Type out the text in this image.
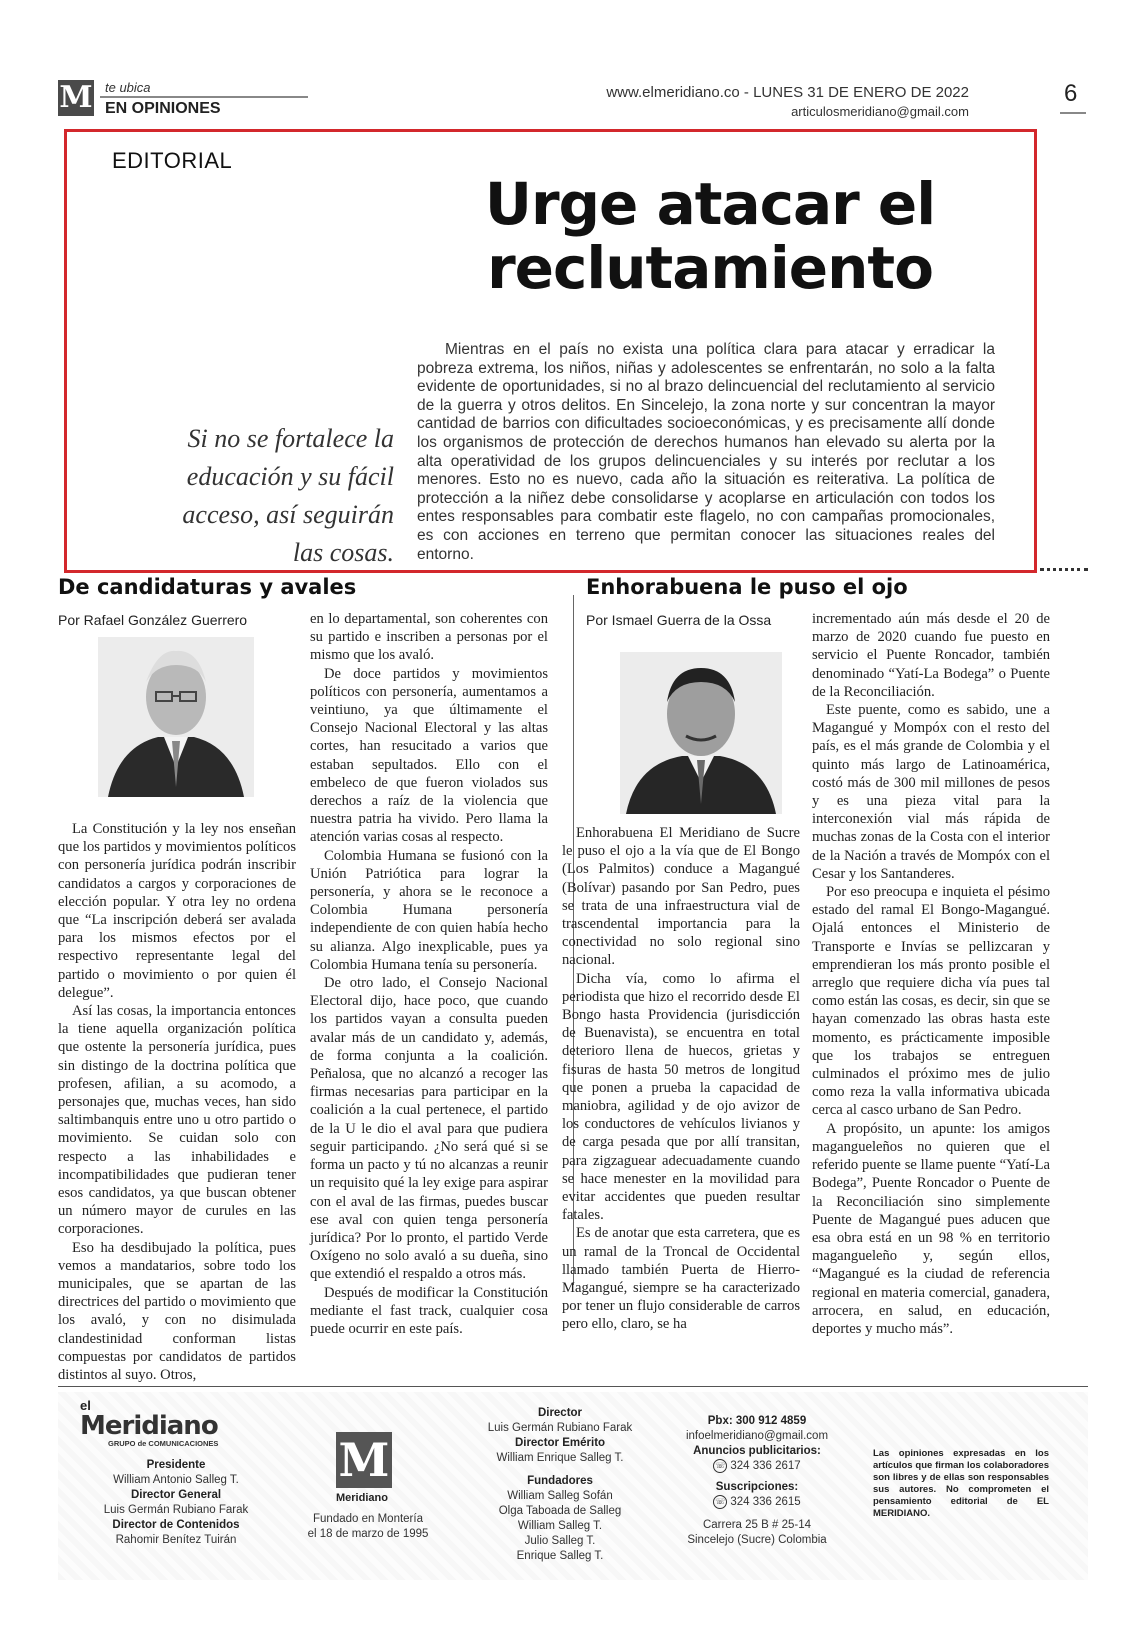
M te ubica
EN OPINIONES
www.elmeridiano.co - LUNES 31 DE ENERO DE 2022
articulosmeridiano@gmail.com
6
EDITORIAL
Urge atacar el
reclutamiento
Si no se fortalece la educación y su fácil acceso, así seguirán las cosas.

Mientras en el país no exista una política clara para atacar y erradicar la pobreza extrema, los niños, niñas y adolescentes se enfrentarán, no solo a la falta evidente de oportunidades, si no al brazo delincuencial del reclutamiento al servicio de la guerra y otros delitos. En Sincelejo, la zona norte y sur concentran la mayor cantidad de barrios con dificultades socioeconómicas, y es precisamente allí donde los organismos de protección de derechos humanos han elevado su alerta por la alta operatividad de los grupos delincuenciales y su interés por reclutar a los menores. Esto no es nuevo, cada año la situación es reiterativa. La política de protección a la niñez debe consolidarse y acoplarse en articulación con todos los entes responsables para combatir este flagelo, no con campañas promocionales, es con acciones en terreno que permitan conocer las situaciones reales del entorno.

De candidaturas y avales
Por Rafael González Guerrero

La Constitución y la ley nos enseñan que los partidos y movimientos políticos con personería jurídica podrán inscribir candidatos a cargos y corporaciones de elección popular. Y otra ley no ordena que “La inscripción deberá ser avalada para los mismos efectos por el respectivo representante legal del partido o movimiento o por quien él delegue”.

Así las cosas, la importancia entonces la tiene aquella organización política que ostente la personería jurídica, pues sin distingo de la doctrina política que profesen, afilian, a su acomodo, a personajes que, muchas veces, han sido saltimbanquis entre uno u otro partido o movimiento. Se cuidan solo con respecto a las inhabilidades e incompatibilidades que pudieran tener esos candidatos, ya que buscan obtener un número mayor de curules en las corporaciones.

Eso ha desdibujado la política, pues vemos a mandatarios, sobre todo los municipales, que se apartan de las directrices del partido o movimiento que los avaló, y con no disimulada clandestinidad conforman listas compuestas por candidatos de partidos distintos al suyo. Otros,

en lo departamental, son coherentes con su partido e inscriben a personas por el mismo que los avaló.

De doce partidos y movimientos políticos con personería, aumentamos a veintiuno, ya que últimamente el Consejo Nacional Electoral y las altas cortes, han resucitado a varios que estaban sepultados. Ello con el embeleco de que fueron violados sus derechos a raíz de la violencia que nuestra patria ha vivido. Pero llama la atención varias cosas al respecto.

Colombia Humana se fusionó con la Unión Patriótica para lograr la personería, y ahora se le reconoce a Colombia Humana personería independiente de con quien había hecho su alianza. Algo inexplicable, pues ya Colombia Humana tenía su personería.

De otro lado, el Consejo Nacional Electoral dijo, hace poco, que cuando los partidos vayan a consulta pueden avalar más de un candidato y, además, de forma conjunta a la coalición. Peñalosa, que no alcanzó a recoger las firmas necesarias para participar en la coalición a la cual pertenece, el partido de la U le dio el aval para que pudiera seguir participando. ¿No será qué si se forma un pacto y tú no alcanzas a reunir un requisito qué la ley exige para aspirar con el aval de las firmas, puedes buscar ese aval con quien tenga personería jurídica? Por lo pronto, el partido Verde Oxígeno no solo avaló a su dueña, sino que extendió el respaldo a otros más.

Después de modificar la Constitución mediante el fast track, cualquier cosa puede ocurrir en este país.

Enhorabuena le puso el ojo
Por Ismael Guerra de la Ossa

Enhorabuena El Meridiano de Sucre le puso el ojo a la vía que de El Bongo (Los Palmitos) conduce a Magangué (Bolívar) pasando por San Pedro, pues se trata de una infraestructura vial de trascendental importancia para la conectividad no solo regional sino nacional.

Dicha vía, como lo afirma el periodista que hizo el recorrido desde El Bongo hasta Providencia (jurisdicción de Buenavista), se encuentra en total deterioro llena de huecos, grietas y fisuras de hasta 50 metros de longitud que ponen a prueba la capacidad de maniobra, agilidad y de ojo avizor de los conductores de vehículos livianos y de carga pesada que por allí transitan, para zigzaguear adecuadamente cuando se hace menester en la movilidad para evitar accidentes que pueden resultar fatales.

Es de anotar que esta carretera, que es un ramal de la Troncal de Occidental llamado también Puerta de Hierro-Magangué, siempre se ha caracterizado por tener un flujo considerable de carros pero ello, claro, se ha

incrementado aún más desde el 20 de marzo de 2020 cuando fue puesto en servicio el Puente Roncador, también denominado “Yatí-La Bodega” o Puente de la Reconciliación.

Este puente, como es sabido, une a Magangué y Mompóx con el resto del país, es el más grande de Colombia y el quinto más largo de Latinoamérica, costó más de 300 mil millones de pesos y es una pieza vital para la interconexión vial más rápida de muchas zonas de la Costa con el interior de la Nación a través de Mompóx con el Cesar y los Santanderes.

Por eso preocupa e inquieta el pésimo estado del ramal El Bongo-Magangué. Ojalá entonces el Ministerio de Transporte e Invías se pellizcaran y emprendieran los más pronto posible el arreglo que requiere dicha vía pues tal como están las cosas, es decir, sin que se hayan comenzado las obras hasta este momento, es prácticamente imposible que los trabajos se entreguen culminados el próximo mes de julio como reza la valla informativa ubicada cerca al casco urbano de San Pedro.

A propósito, un apunte: los amigos magangueleños no quieren que el referido puente se llame puente “Yatí-La Bodega”, Puente Roncador o Puente de la Reconciliación sino simplemente Puente de Magangué pues aducen que esa obra está en un 98 % en territorio magangueleño y, según ellos, “Magangué es la ciudad de referencia regional en materia comercial, ganadera, arrocera, en salud, en educación, deportes y mucho más”.

el
Meridiano
GRUPO de COMUNICACIONES
Presidente
William Antonio Salleg T.
Director General
Luis Germán Rubiano Farak
Director de Contenidos
Rahomir Benítez Tuirán
M
Meridiano
Fundado en Montería
el 18 de marzo de 1995
Director
Luis Germán Rubiano Farak
Director Emérito
William Enrique Salleg T.
Fundadores
William Salleg Sofán
Olga Taboada de Salleg
William Salleg T.
Julio Salleg T.
Enrique Salleg T.
Pbx: 300 912 4859
infoelmeridiano@gmail.com
Anuncios publicitarios:
☏ 324 336 2617
Suscripciones:
☏ 324 336 2615
Carrera 25 B # 25-14
Sincelejo (Sucre) Colombia
Las opiniones expresadas en los artículos que firman los colaboradores son libres y de ellas son responsables sus autores. No comprometen el pensamiento editorial de EL MERIDIANO.
